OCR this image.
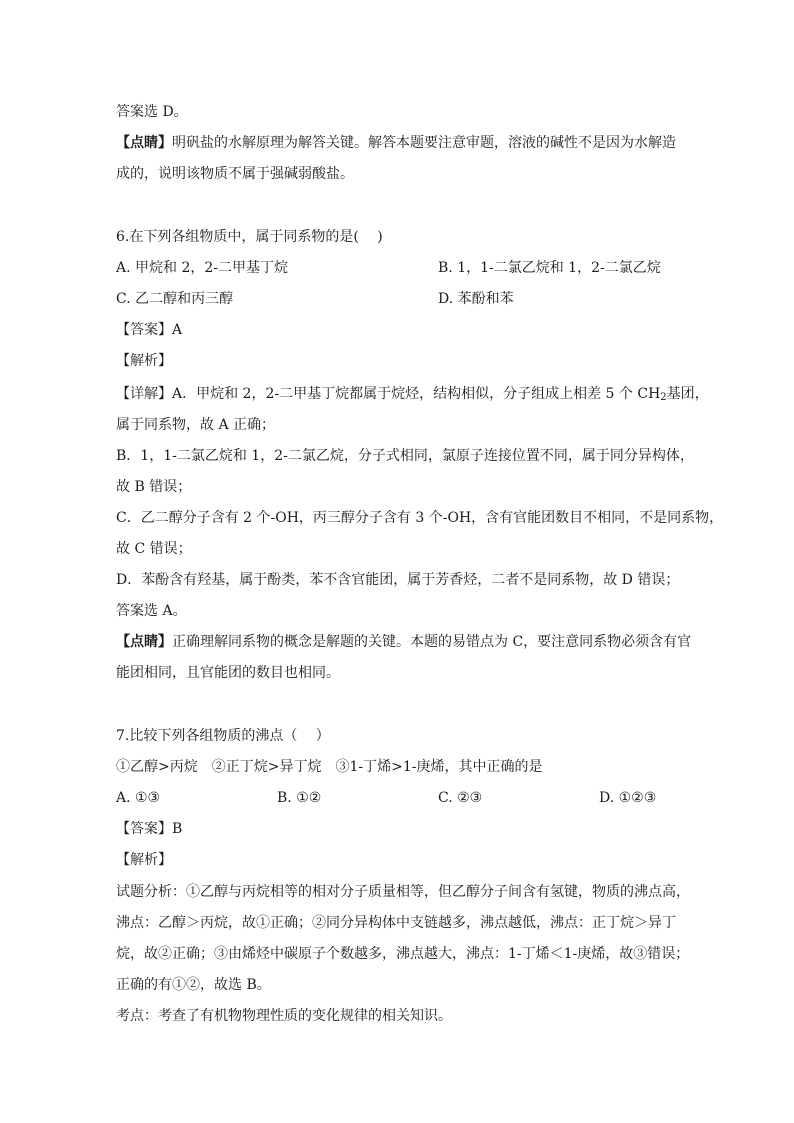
答案选 D。
【点睛】明矾盐的水解原理为解答关键。解答本题要注意审题，溶液的碱性不是因为水解造
成的，说明该物质不属于强碱弱酸盐。
6.在下列各组物质中，属于同系物的是(　 )
A. 甲烷和 2，2-二甲基丁烷	B. 1，1-二氯乙烷和 1，2-二氯乙烷
C. 乙二醇和丙三醇	D. 苯酚和苯
【答案】A
【解析】
【详解】A．甲烷和 2，2-二甲基丁烷都属于烷烃，结构相似，分子组成上相差 5 个 $CH_2$基团，
属于同系物，故 A 正确；
B．1，1-二氯乙烷和 1，2-二氯乙烷，分子式相同，氯原子连接位置不同，属于同分异构体，
故 B 错误；
C．乙二醇分子含有 2 个-OH，丙三醇分子含有 3 个-OH，含有官能团数目不相同，不是同系物，
故 C 错误；
D．苯酚含有羟基，属于酚类，苯不含官能团，属于芳香烃，二者不是同系物，故 D 错误；
答案选 A。
【点睛】正确理解同系物的概念是解题的关键。本题的易错点为 C，要注意同系物必须含有官
能团相同，且官能团的数目也相同。
7.比较下列各组物质的沸点（　 ）
①乙醇>丙烷　②正丁烷>异丁烷　③1-丁烯>1-庚烯，其中正确的是
A. ①③	B. ①②	C. ②③	D. ①②③
【答案】B
【解析】
试题分析：①乙醇与丙烷相等的相对分子质量相等，但乙醇分子间含有氢键，物质的沸点高，
沸点：乙醇＞丙烷，故①正确；②同分异构体中支链越多，沸点越低，沸点：正丁烷＞异丁
烷，故②正确；③由烯烃中碳原子个数越多，沸点越大，沸点：1-丁烯＜1-庚烯，故③错误；
正确的有①②，故选 B。
考点：考查了有机物物理性质的变化规律的相关知识。
